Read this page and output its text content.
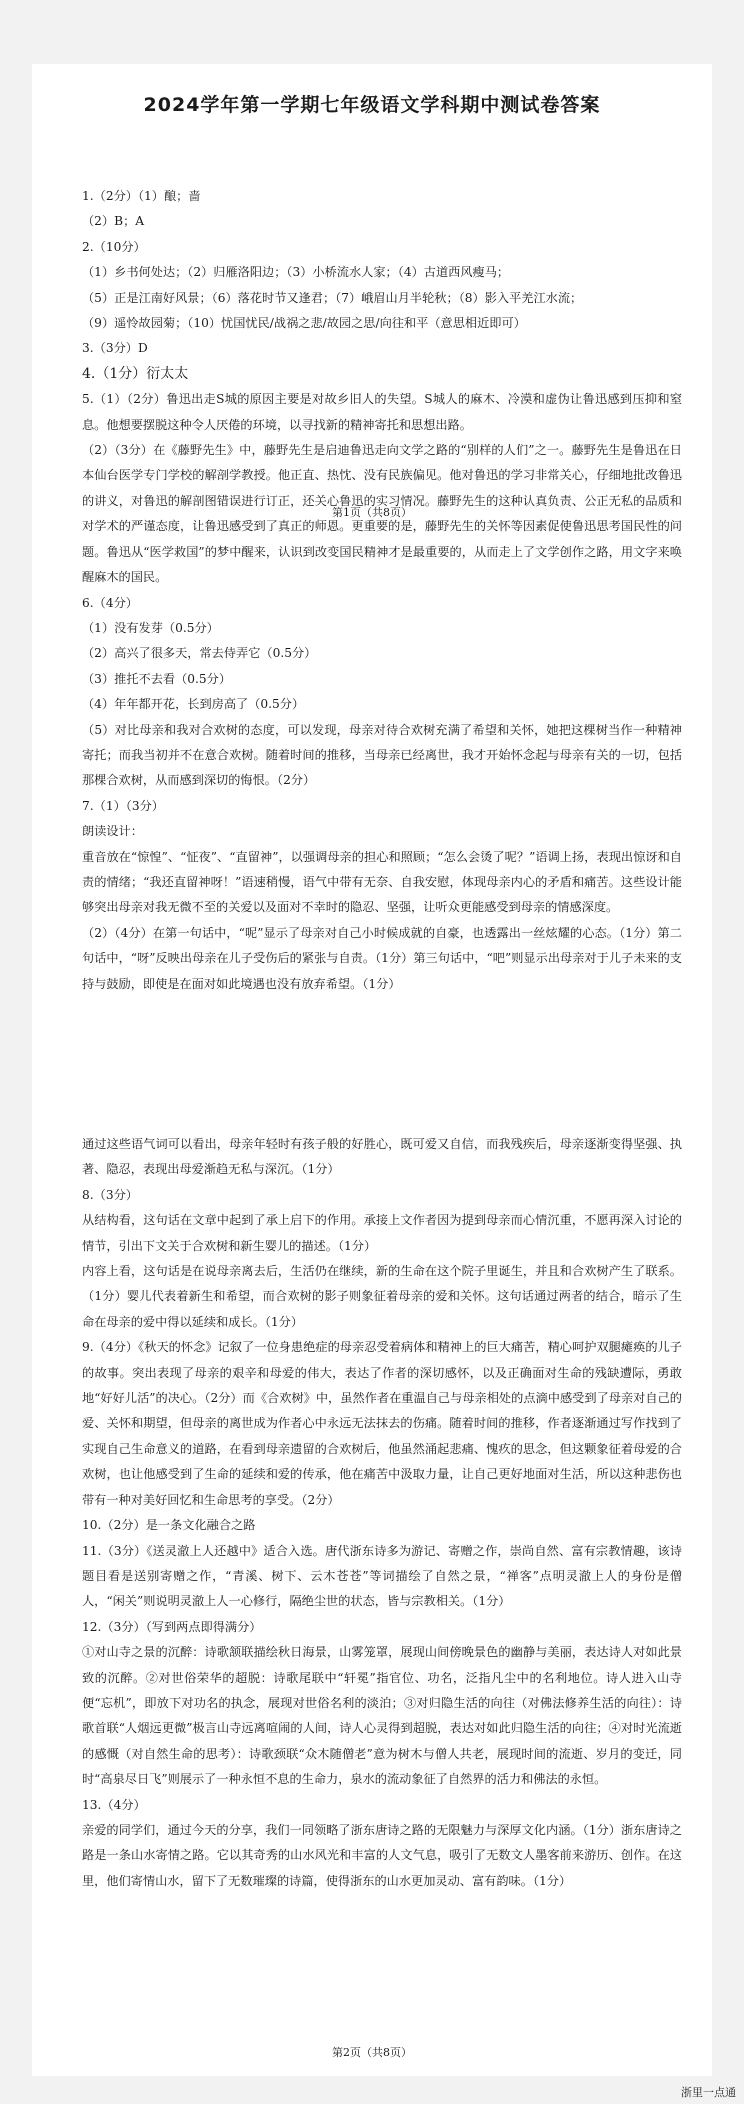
2024学年第一学期七年级语文学科期中测试卷答案

1.（2分）（1）酿；啬

（2）B；A

2.（10分）

（1）乡书何处达；（2）归雁洛阳边；（3）小桥流水人家；（4）古道西风瘦马；

（5）正是江南好风景；（6）落花时节又逢君；（7）峨眉山月半轮秋；（8）影入平羌江水流；

（9）遥怜故园菊；（10）忧国忧民/战祸之悲/故园之思/向往和平（意思相近即可）

3.（3分）D

4.（1分）衍太太

5.（1）（2分）鲁迅出走S城的原因主要是对故乡旧人的失望。S城人的麻木、冷漠和虚伪让鲁迅感到压抑和窒息。他想要摆脱这种令人厌倦的环境，以寻找新的精神寄托和思想出路。

（2）（3分）在《藤野先生》中，藤野先生是启迪鲁迅走向文学之路的“别样的人们”之一。藤野先生是鲁迅在日本仙台医学专门学校的解剖学教授。他正直、热忱、没有民族偏见。他对鲁迅的学习非常关心，仔细地批改鲁迅的讲义，对鲁迅的解剖图错误进行订正，还关心鲁迅的实习情况。藤野先生的这种认真负责、公正无私的品质和对学术的严谨态度，让鲁迅感受到了真正的师恩。更重要的是，藤野先生的关怀等因素促使鲁迅思考国民性的问题。鲁迅从“医学救国”的梦中醒来，认识到改变国民精神才是最重要的，从而走上了文学创作之路，用文字来唤醒麻木的国民。

6.（4分）

（1）没有发芽（0.5分）

（2）高兴了很多天，常去侍弄它（0.5分）

（3）推托不去看（0.5分）

（4）年年都开花，长到房高了（0.5分）

（5）对比母亲和我对合欢树的态度，可以发现，母亲对待合欢树充满了希望和关怀，她把这棵树当作一种精神寄托；而我当初并不在意合欢树。随着时间的推移，当母亲已经离世，我才开始怀念起与母亲有关的一切，包括那棵合欢树，从而感到深切的悔恨。（2分）

7.（1）（3分）

朗读设计：

重音放在“惊惶”、“怔夜”、“直留神”，以强调母亲的担心和照顾；“怎么会烫了呢？”语调上扬，表现出惊讶和自责的情绪；“我还直留神呀！”语速稍慢，语气中带有无奈、自我安慰，体现母亲内心的矛盾和痛苦。这些设计能够突出母亲对我无微不至的关爱以及面对不幸时的隐忍、坚强，让听众更能感受到母亲的情感深度。

（2）（4分）在第一句话中，“呢”显示了母亲对自己小时候成就的自豪，也透露出一丝炫耀的心态。（1分）第二句话中，“呀”反映出母亲在儿子受伤后的紧张与自责。（1分）第三句话中，“吧”则显示出母亲对于儿子未来的支持与鼓励，即使是在面对如此境遇也没有放弃希望。（1分）

第1页（共8页）

通过这些语气词可以看出，母亲年轻时有孩子般的好胜心，既可爱又自信，而我残疾后，母亲逐渐变得坚强、执著、隐忍，表现出母爱渐趋无私与深沉。（1分）

8.（3分）

从结构看，这句话在文章中起到了承上启下的作用。承接上文作者因为提到母亲而心情沉重，不愿再深入讨论的情节，引出下文关于合欢树和新生婴儿的描述。（1分）

内容上看，这句话是在说母亲离去后，生活仍在继续，新的生命在这个院子里诞生，并且和合欢树产生了联系。（1分）婴儿代表着新生和希望，而合欢树的影子则象征着母亲的爱和关怀。这句话通过两者的结合，暗示了生命在母亲的爱中得以延续和成长。（1分）

9.（4分）《秋天的怀念》记叙了一位身患绝症的母亲忍受着病体和精神上的巨大痛苦，精心呵护双腿瘫痪的儿子的故事。突出表现了母亲的艰辛和母爱的伟大，表达了作者的深切感怀，以及正确面对生命的残缺遭际，勇敢地“好好儿活”的决心。（2分）而《合欢树》中，虽然作者在重温自己与母亲相处的点滴中感受到了母亲对自己的爱、关怀和期望，但母亲的离世成为作者心中永远无法抹去的伤痛。随着时间的推移，作者逐渐通过写作找到了实现自己生命意义的道路，在看到母亲遗留的合欢树后，他虽然涌起悲痛、愧疚的思念，但这颗象征着母爱的合欢树，也让他感受到了生命的延续和爱的传承，他在痛苦中汲取力量，让自己更好地面对生活，所以这种悲伤也带有一种对美好回忆和生命思考的享受。（2分）

10.（2分）是一条文化融合之路

11.（3分）《送灵澈上人还越中》适合入选。唐代浙东诗多为游记、寄赠之作，崇尚自然、富有宗教情趣，该诗题目看是送别寄赠之作，“青溪、树下、云木苍苍”等词描绘了自然之景，“禅客”点明灵澈上人的身份是僧人，“闲关”则说明灵澈上人一心修行，隔绝尘世的状态，皆与宗教相关。（1分）

12.（3分）（写到两点即得满分）

①对山寺之景的沉醉：诗歌颔联描绘秋日海景，山雾笼罩，展现山间傍晚景色的幽静与美丽，表达诗人对如此景致的沉醉。②对世俗荣华的超脱：诗歌尾联中“轩冕”指官位、功名，泛指凡尘中的名利地位。诗人进入山寺便“忘机”，即放下对功名的执念，展现对世俗名利的淡泊；③对归隐生活的向往（对佛法修养生活的向往）：诗歌首联“人烟远更微”极言山寺远离喧闹的人间，诗人心灵得到超脱，表达对如此归隐生活的向往；④对时光流逝的感慨（对自然生命的思考）：诗歌颈联“众木随僧老”意为树木与僧人共老，展现时间的流逝、岁月的变迁，同时“高泉尽日飞”则展示了一种永恒不息的生命力，泉水的流动象征了自然界的活力和佛法的永恒。

13.（4分）

亲爱的同学们，通过今天的分享，我们一同领略了浙东唐诗之路的无限魅力与深厚文化内涵。（1分）浙东唐诗之路是一条山水寄情之路。它以其奇秀的山水风光和丰富的人文气息，吸引了无数文人墨客前来游历、创作。在这里，他们寄情山水，留下了无数璀璨的诗篇，使得浙东的山水更加灵动、富有韵味。（1分）

第2页（共8页）
浙里一点通
